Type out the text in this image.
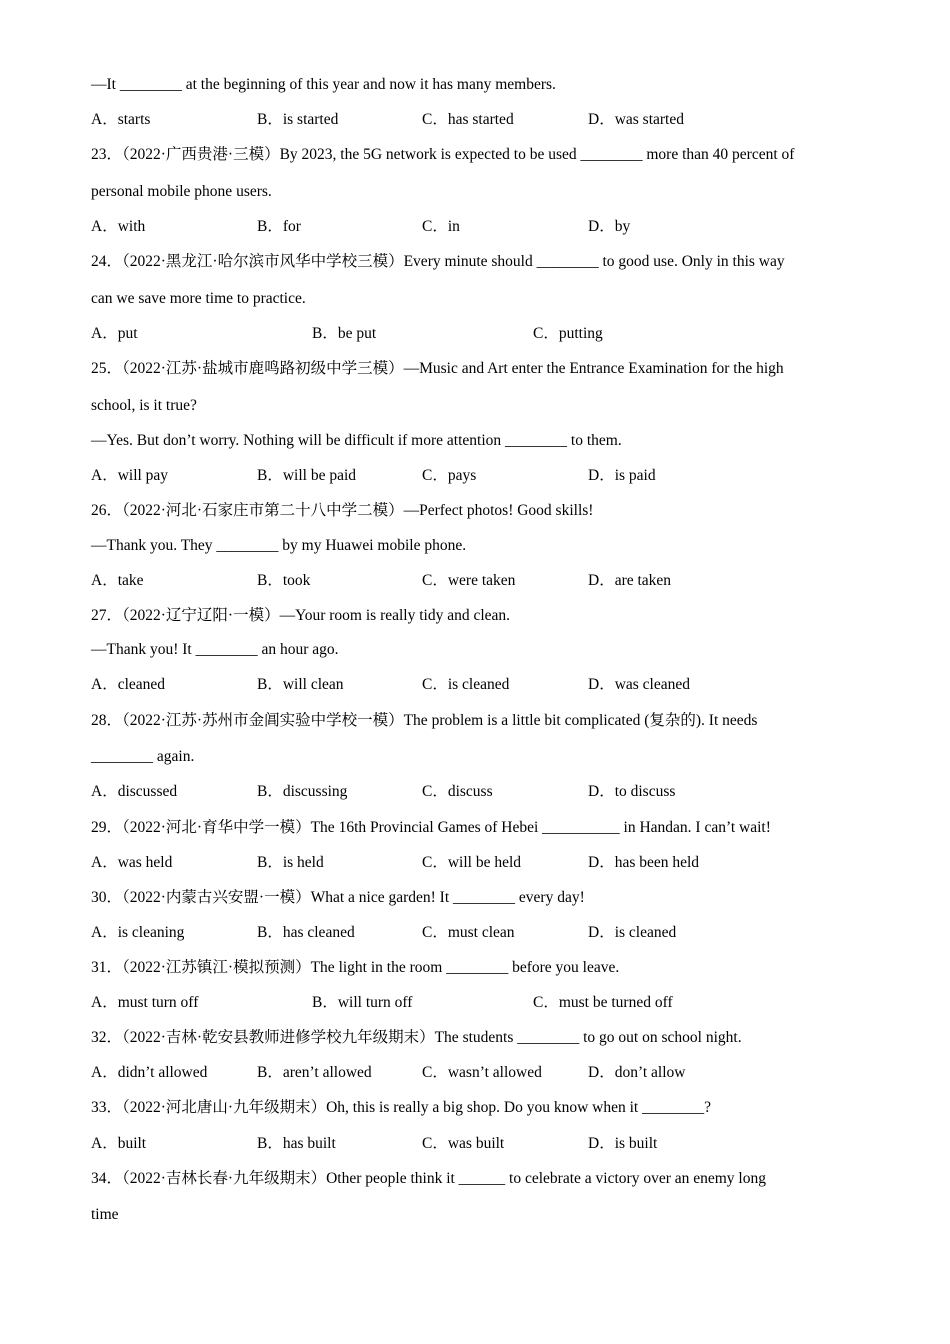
—It ________ at the beginning of this year and now it has many members.
A．starts	B．is started	C．has started	D．was started
23．（2022·广西贵港·三模）By 2023, the 5G network is expected to be used ________ more than 40 percent of
personal mobile phone users.
A．with	B．for	C．in	D．by
24．（2022·黑龙江·哈尔滨市风华中学校三模）Every minute should ________ to good use. Only in this way
can we save more time to practice.
A．put	B．be put	C．putting
25．（2022·江苏·盐城市鹿鸣路初级中学三模）—Music and Art enter the Entrance Examination for the high
school, is it true?
—Yes. But don’t worry. Nothing will be difficult if more attention ________ to them.
A．will pay	B．will be paid	C．pays	D．is paid
26．（2022·河北·石家庄市第二十八中学二模）—Perfect photos! Good skills!
—Thank you. They ________ by my Huawei mobile phone.
A．take	B．took	C．were taken	D．are taken
27．（2022·辽宁辽阳·一模）—Your room is really tidy and clean.
—Thank you! It ________ an hour ago.
A．cleaned	B．will clean	C．is cleaned	D．was cleaned
28．（2022·江苏·苏州市金阊实验中学校一模）The problem is a little bit complicated (复杂的). It needs
________ again.
A．discussed	B．discussing	C．discuss	D．to discuss
29．（2022·河北·育华中学一模）The 16th Provincial Games of Hebei __________ in Handan. I can’t wait!
A．was held	B．is held	C．will be held	D．has been held
30．（2022·内蒙古兴安盟·一模）What a nice garden! It ________ every day!
A．is cleaning	B．has cleaned	C．must clean	D．is cleaned
31．（2022·江苏镇江·模拟预测）The light in the room ________ before you leave.
A．must turn off	B．will turn off	C．must be turned off
32．（2022·吉林·乾安县教师进修学校九年级期末）The students ________ to go out on school night.
A．didn’t allowed	B．aren’t allowed	C．wasn’t allowed	D．don’t allow
33．（2022·河北唐山·九年级期末）Oh, this is really a big shop. Do you know when it ________?
A．built	B．has built	C．was built	D．is built
34．（2022·吉林长春·九年级期末）Other people think it ______ to celebrate a victory over an enemy long
time
